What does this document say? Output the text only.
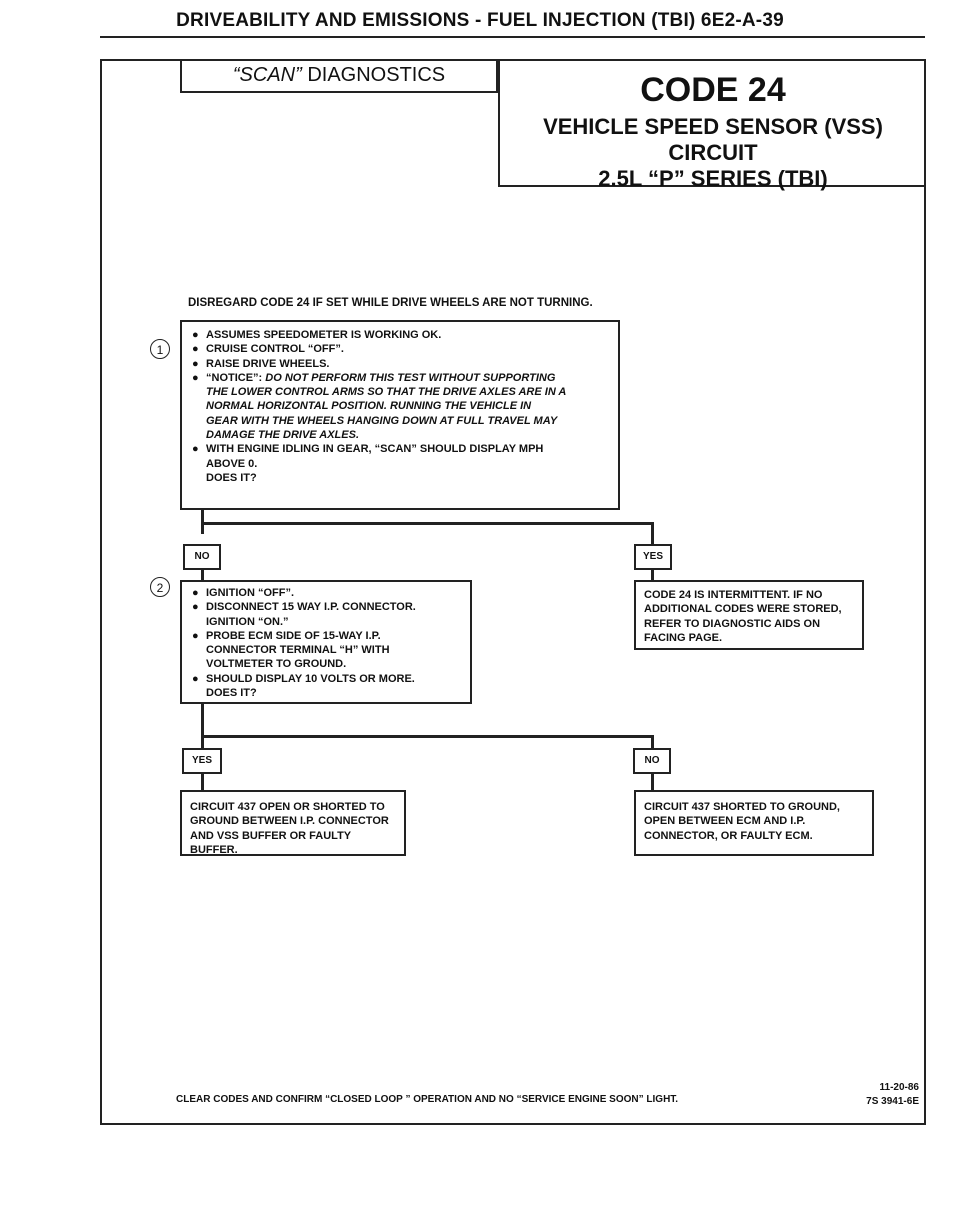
DRIVEABILITY AND EMISSIONS - FUEL INJECTION (TBI) 6E2-A-39
“SCAN” DIAGNOSTICS	CODE 24
VEHICLE SPEED SENSOR (VSS) CIRCUIT
2.5L “P” SERIES (TBI)
DISREGARD CODE 24 IF SET WHILE DRIVE WHEELS ARE NOT TURNING.
1
● ASSUMES SPEEDOMETER IS WORKING OK.
● CRUISE CONTROL “OFF”.
● RAISE DRIVE WHEELS.
● “NOTICE”: DO NOT PERFORM THIS TEST WITHOUT SUPPORTING
THE LOWER CONTROL ARMS SO THAT THE DRIVE AXLES ARE IN A
NORMAL HORIZONTAL POSITION. RUNNING THE VEHICLE IN
GEAR WITH THE WHEELS HANGING DOWN AT FULL TRAVEL MAY
DAMAGE THE DRIVE AXLES.
● WITH ENGINE IDLING IN GEAR, “SCAN” SHOULD DISPLAY MPH
ABOVE 0.
DOES IT?
NO	YES
2	● IGNITION “OFF”.
● DISCONNECT 15 WAY I.P. CONNECTOR.
IGNITION “ON.”
● PROBE ECM SIDE OF 15-WAY I.P.
CONNECTOR TERMINAL “H” WITH
VOLTMETER TO GROUND.
● SHOULD DISPLAY 10 VOLTS OR MORE.
DOES IT?
CODE 24 IS INTERMITTENT. IF NO
ADDITIONAL CODES WERE STORED,
REFER TO DIAGNOSTIC AIDS ON
FACING PAGE.
YES	NO
CIRCUIT 437 OPEN OR SHORTED TO
GROUND BETWEEN I.P. CONNECTOR
AND VSS BUFFER OR FAULTY BUFFER.
CIRCUIT 437 SHORTED TO GROUND,
OPEN BETWEEN ECM AND I.P.
CONNECTOR, OR FAULTY ECM.
CLEAR CODES AND CONFIRM “CLOSED LOOP ” OPERATION AND NO “SERVICE ENGINE SOON” LIGHT.
11-20-86
7S 3941-6E
